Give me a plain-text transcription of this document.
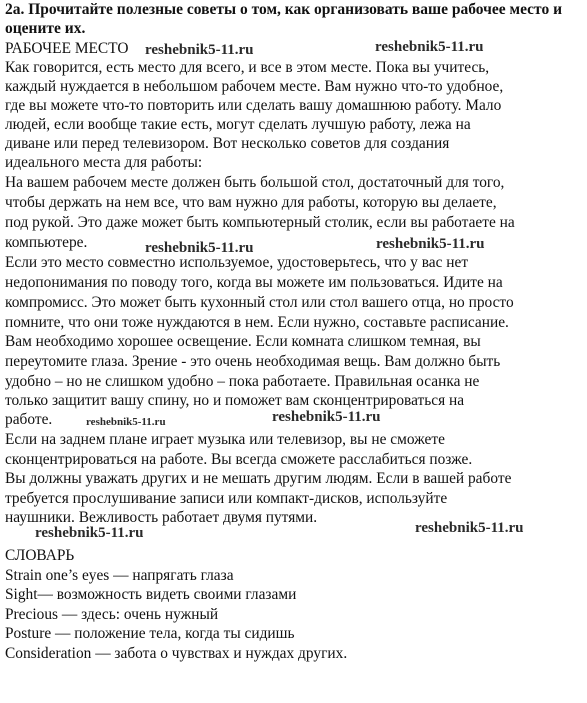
2а. Прочитайте полезные советы о том, как организовать ваше рабочее место и оцените их.

РАБОЧЕЕ МЕСТО

Как говорится, есть место для всего, и все в этом месте. Пока вы учитесь,

каждый нуждается в небольшом рабочем месте. Вам нужно что-то удобное,

где вы можете что-то повторить или сделать вашу домашнюю работу. Мало

людей, если вообще такие есть, могут сделать лучшую работу, лежа на

диване или перед телевизором. Вот несколько советов для создания

идеального места для работы:

На вашем рабочем месте должен быть большой стол, достаточный для того,

чтобы держать на нем все, что вам нужно для работы, которую вы делаете,

под рукой. Это даже может быть компьютерный столик, если вы работаете на

компьютере.

Если это место совместно используемое, удостоверьтесь, что у вас нет

недопонимания по поводу того, когда вы можете им пользоваться. Идите на

компромисс. Это может быть кухонный стол или стол вашего отца, но просто

помните, что они тоже нуждаются в нем. Если нужно, составьте расписание.

Вам необходимо хорошее освещение. Если комната слишком темная, вы

переутомите глаза. Зрение - это очень необходимая вещь. Вам должно быть

удобно – но не слишком удобно – пока работаете. Правильная осанка не

только защитит вашу спину, но и поможет вам сконцентрироваться на

работе.

Если на заднем плане играет музыка или телевизор, вы не сможете

сконцентрироваться на работе. Вы всегда сможете расслабиться позже.

Вы должны уважать других и не мешать другим людям. Если в вашей работе

требуется прослушивание записи или компакт-дисков, используйте

наушники. Вежливость работает двумя путями.

СЛОВАРЬ

Strain one’s eyes — напрягать глаза

Sight— возможность видеть своими глазами

Precious — здесь: очень нужный

Posture — положение тела, когда ты сидишь

Consideration — забота о чувствах и нуждах других.

reshebnik5-11.ru	reshebnik5-11.ru
reshebnik5-11.ru	reshebnik5-11.ru
reshebnik5-11.ru	reshebnik5-11.ru
reshebnik5-11.ru	reshebnik5-11.ru
